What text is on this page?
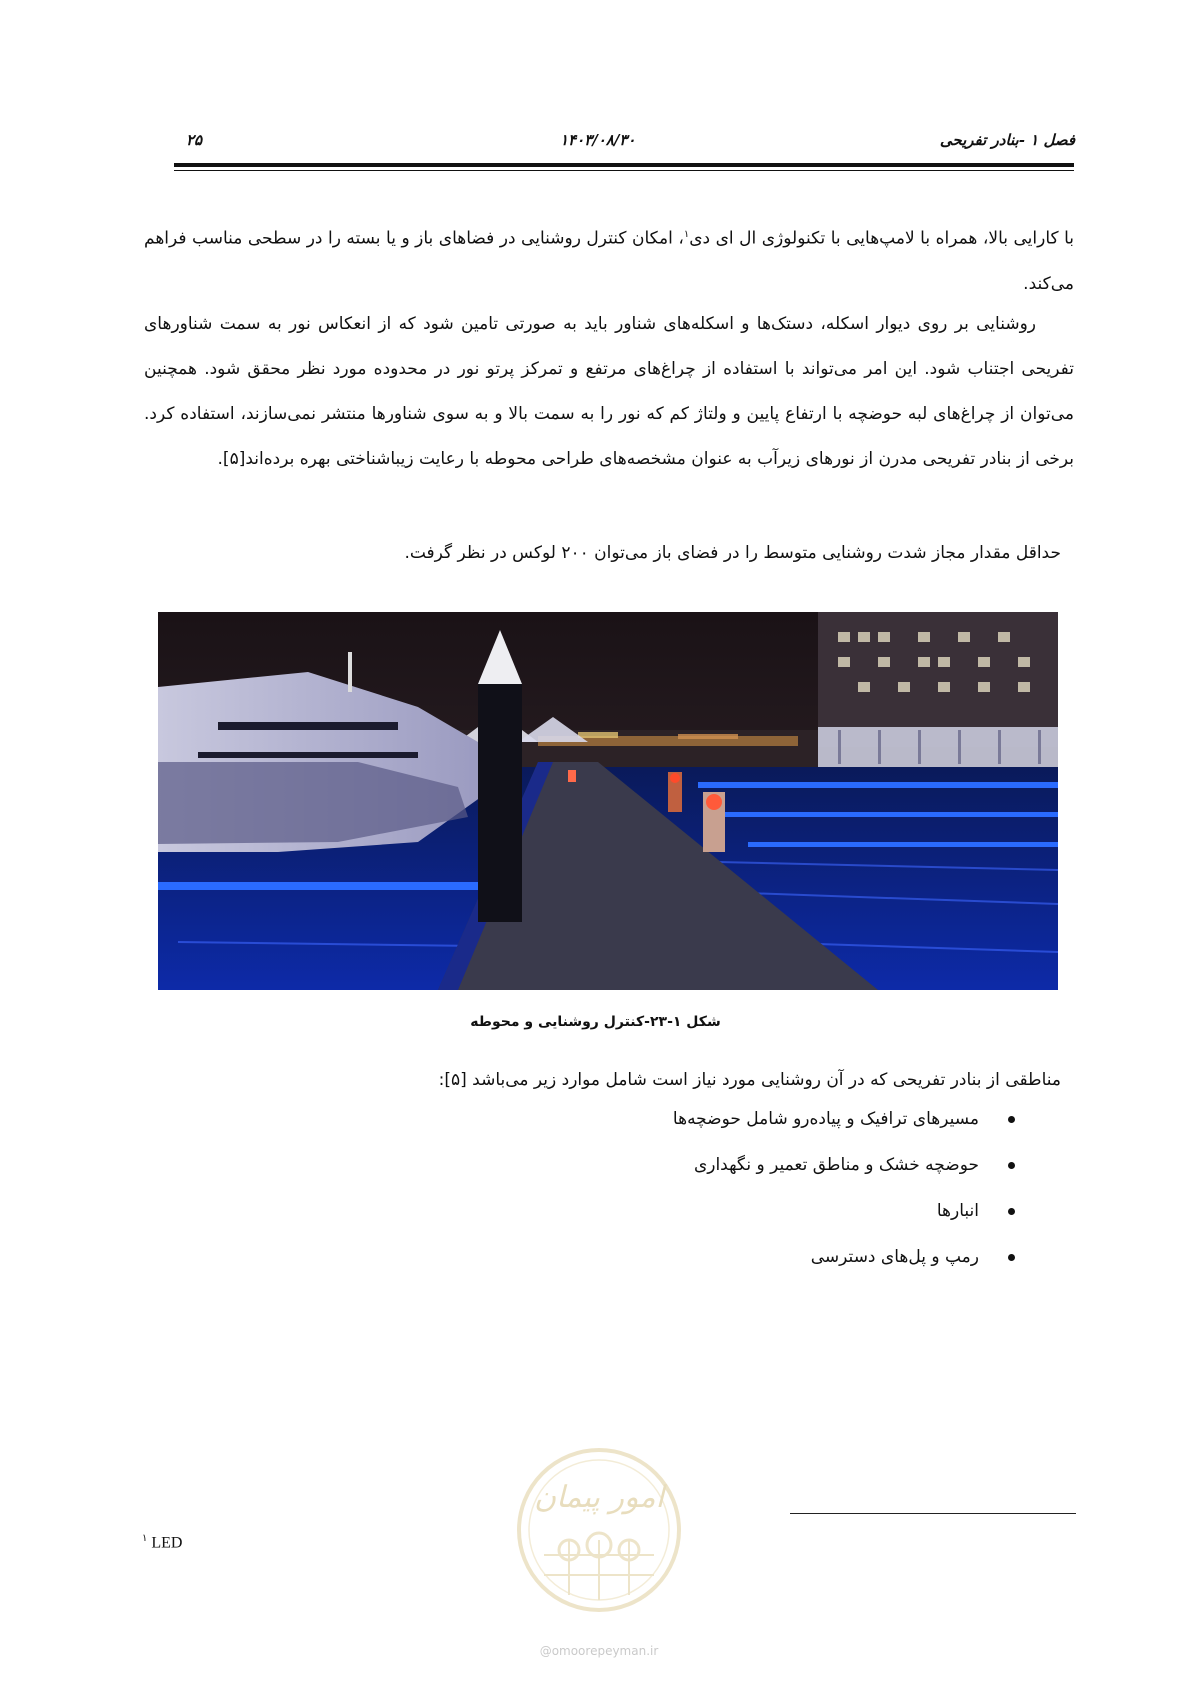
فصل ۱ -بنادر تفریحی
۱۴۰۳/۰۸/۳۰
۲۵

با کارایی بالا، همراه با لامپ‌هایی با تکنولوژی ال ای دی$^۱$، امکان کنترل روشنایی در فضاهای باز و یا بسته را در سطحی مناسب فراهم می‌کند.

روشنایی بر روی دیوار اسکله، دستک‌ها و اسکله‌های شناور باید به صورتی تامین شود که از انعکاس نور به سمت شناورهای تفریحی اجتناب شود. این امر می‌تواند با استفاده از چراغ‌های مرتفع و تمرکز پرتو نور در محدوده مورد نظر محقق شود. همچنین می‌توان از چراغ‌های لبه حوضچه با ارتفاع پایین و ولتاژ کم که نور را به سمت بالا و به سوی شناورها منتشر نمی‌سازند، استفاده کرد. برخی از بنادر تفریحی مدرن از نورهای زیرآب به عنوان مشخصه‌های طراحی محوطه با رعایت زیباشناختی بهره برده‌اند[۵].

حداقل مقدار مجاز شدت روشنایی متوسط را در فضای باز می‌توان ۲۰۰ لوکس در نظر گرفت.
شکل ۱-۲۳-کنترل روشنایی و محوطه
مناطقی از بنادر تفریحی که در آن روشنایی مورد نیاز است شامل موارد زیر می‌باشد [۵]:
مسیرهای ترافیک و پیاده‌رو شامل حوضچه‌ها
حوضچه خشک و مناطق تعمیر و نگهداری
انبارها
رمپ و پل‌های دسترسی
$^۱$ LED
امور پیمان
@omoorepeyman.ir
